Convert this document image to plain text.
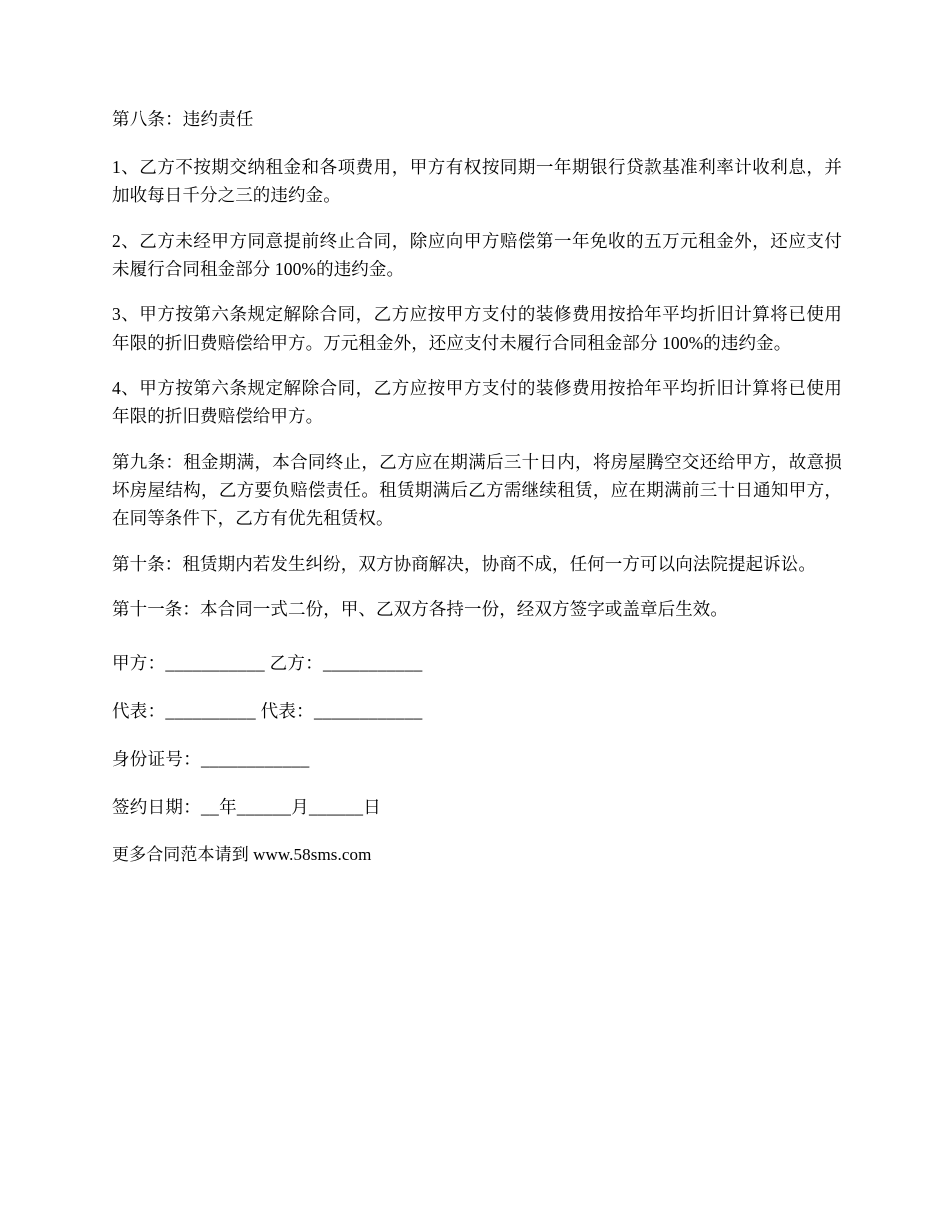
第八条：违约责任

1、乙方不按期交纳租金和各项费用，甲方有权按同期一年期银行贷款基准利率计收利息，并加收每日千分之三的违约金。

2、乙方未经甲方同意提前终止合同，除应向甲方赔偿第一年免收的五万元租金外，还应支付未履行合同租金部分 100%的违约金。

3、甲方按第六条规定解除合同，乙方应按甲方支付的装修费用按拾年平均折旧计算将已使用年限的折旧费赔偿给甲方。万元租金外，还应支付未履行合同租金部分 100%的违约金。

4、甲方按第六条规定解除合同，乙方应按甲方支付的装修费用按拾年平均折旧计算将已使用年限的折旧费赔偿给甲方。

第九条：租金期满，本合同终止，乙方应在期满后三十日内，将房屋腾空交还给甲方，故意损坏房屋结构，乙方要负赔偿责任。租赁期满后乙方需继续租赁，应在期满前三十日通知甲方，在同等条件下，乙方有优先租赁权。

第十条：租赁期内若发生纠纷，双方协商解决，协商不成，任何一方可以向法院提起诉讼。

第十一条：本合同一式二份，甲、乙双方各持一份，经双方签字或盖章后生效。

甲方：___________ 乙方：___________

代表：__________ 代表：____________

身份证号：____________

签约日期：__年______月______日

更多合同范本请到 www.58sms.com
